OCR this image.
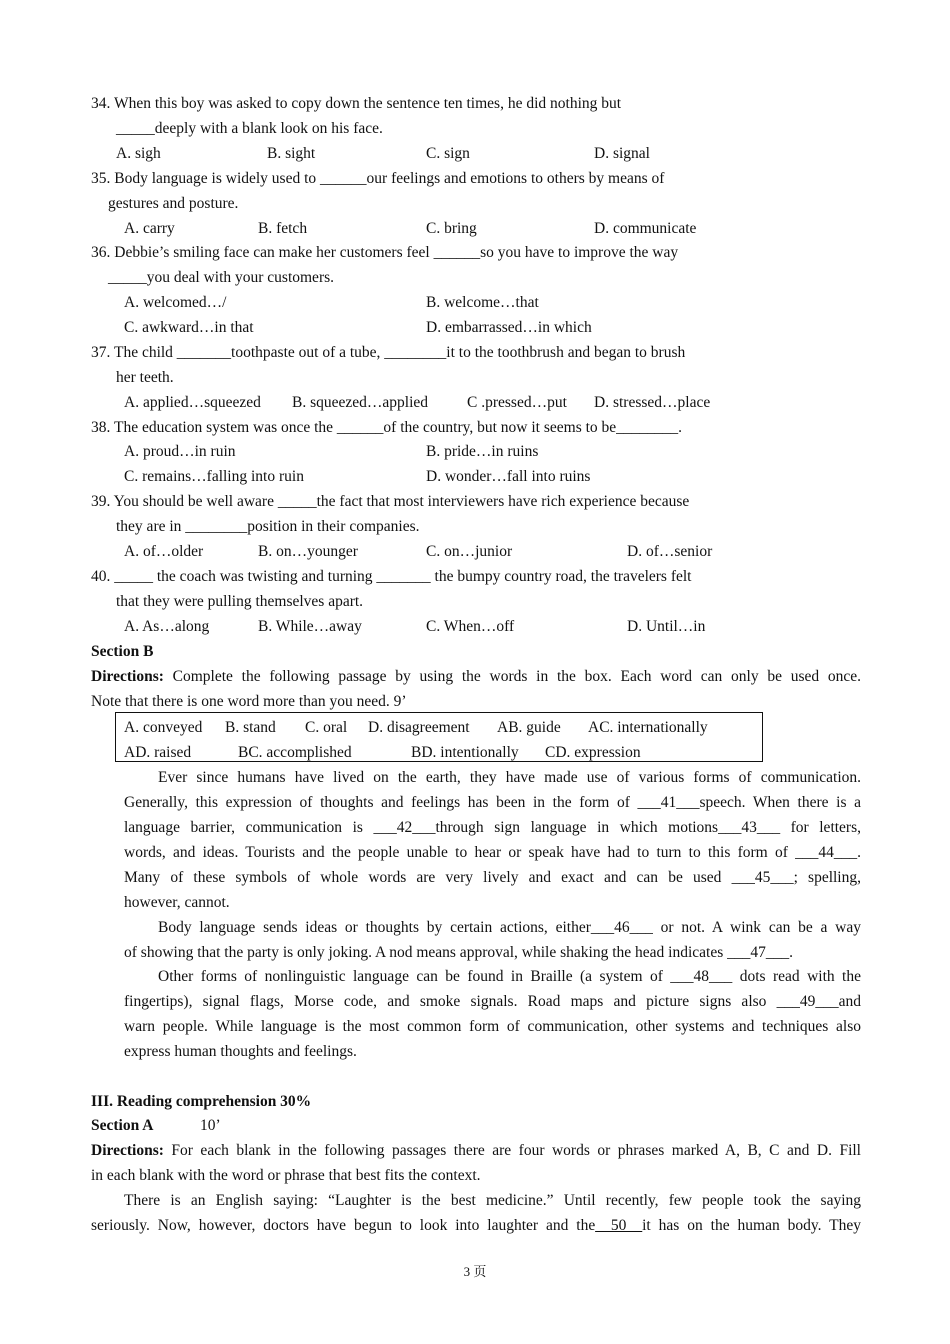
34. When this boy was asked to copy down the sentence ten times, he did nothing but
_____deeply with a blank look on his face.
A. sigh	B. sight	C. sign	D. signal
35. Body language is widely used to ______our feelings and emotions to others by means of
gestures and posture.
A. carry	B. fetch	C. bring	D. communicate
36. Debbie’s smiling face can make her customers feel ______so you have to improve the way
_____you deal with your customers.
A. welcomed…/	B. welcome…that
C. awkward…in that	D. embarrassed…in which
37. The child _______toothpaste out of a tube, ________it to the toothbrush and began to brush
her teeth.
A. applied…squeezed B. squeezed…applied	C .pressed…put D. stressed…place
38. The education system was once the ______of the country, but now it seems to be________.
A. proud…in ruin	B. pride…in ruins
C. remains…falling into ruin	D. wonder…fall into ruins
39. You should be well aware _____the fact that most interviewers have rich experience because
they are in ________position in their companies.
A. of…older	B. on…younger	C. on…junior	D. of…senior
40. _____ the coach was twisting and turning _______ the bumpy country road, the travelers felt
that they were pulling themselves apart.
A. As…along	B. While…away	C. When…off	D. Until…in
Section B
Directions: Complete the following passage by using the words in the box. Each word can only be used once.
Note that there is one word more than you need. 9’
A. conveyed B. stand C. oral D. disagreement AB. guide AC. internationally
AD. raised	BC. accomplished	BD. intentionally CD. expression
Ever since humans have lived on the earth, they have made use of various forms of communication.
Generally, this expression of thoughts and feelings has been in the form of ___41___speech. When there is a
language barrier, communication is ___42___through sign language in which motions___43___ for letters,
words, and ideas. Tourists and the people unable to hear or speak have had to turn to this form of ___44___.
Many of these symbols of whole words are very lively and exact and can be used ___45___; spelling,
however, cannot.
Body language sends ideas or thoughts by certain actions, either___46___ or not. A wink can be a way
of showing that the party is only joking. A nod means approval, while shaking the head indicates ___47___.
Other forms of nonlinguistic language can be found in Braille (a system of ___48___ dots read with the
fingertips), signal flags, Morse code, and smoke signals. Road maps and picture signs also ___49___and
warn people. While language is the most common form of communication, other systems and techniques also
express human thoughts and feelings.
III. Reading comprehension 30%
Section A	10’
Directions: For each blank in the following passages there are four words or phrases marked A, B, C and D. Fill
in each blank with the word or phrase that best fits the context.
There is an English saying: “Laughter is the best medicine.” Until recently, few people took the saying
seriously. Now, however, doctors have begun to look into laughter and the_ 50 _it has on the human body. They
3 页
